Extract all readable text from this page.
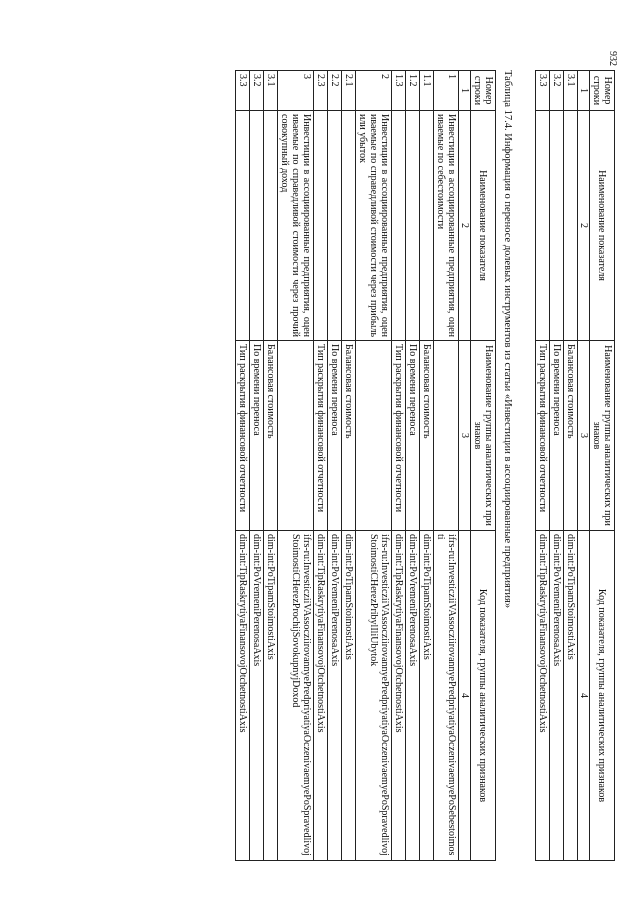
932
Номер строки	Наименование показателя	Наименование группы аналитических признаков	Код показателя, группы аналитических признаков
1	2	3	4
3.1		Балансовая стоимость	dim-int:PoTipamStoimostiAxis
3.2		По времени переноса	dim-int:PoVremeniPerenosaAxis
3.3		Тип раскрытия финансовой отчетности	dim-int:TipRaskrytiyaFinansovojOtchetnostiAxis
Таблица 17.4. Информация о переносе долевых инструментов из статьи «Инвестиции в ассоциированные предприятия»
Номер строки	Наименование показателя	Наименование группы аналитических признаков	Код показателя, группы аналитических признаков
1	2	3	4
1	Инвестиции в ассоциированные предприятия, оцениваемые по себестоимости		ifrs-ru:InvesticziiVAssocziirovannyePredpriyatiyaOczenivaemyePoSebestoimosti
1.1		Балансовая стоимость	dim-int:PoTipamStoimostiAxis
1.2		По времени переноса	dim-int:PoVremeniPerenosaAxis
1.3		Тип раскрытия финансовой отчетности	dim-int:TipRaskrytiyaFinansovojOtchetnostiAxis
2	Инвестиции в ассоциированные предприятия, оцениваемые по справедливой стоимости через прибыль или убыток		ifrs-ru:InvesticziiVAssocziirovannyePredpriyatiyaOczenivaemyePoSpravedlivojStoimostiCHerezPribylIliUbytok
2.1		Балансовая стоимость	dim-int:PoTipamStoimostiAxis
2.2		По времени переноса	dim-int:PoVremeniPerenosaAxis
2.3		Тип раскрытия финансовой отчетности	dim-int:TipRaskrytiyaFinansovojOtchetnostiAxis
3	Инвестиции в ассоциированные предприятия, оцениваемые по справедливой стоимости через прочий совокупный доход		ifrs-ru:InvesticziiVAssocziirovannyePredpriyatiyaOczenivaemyePoSpravedlivojStoimostiCHerezProchijSovokupnyjDoxod
3.1		Балансовая стоимость	dim-int:PoTipamStoimostiAxis
3.2		По времени переноса	dim-int:PoVremeniPerenosaAxis
3.3		Тип раскрытия финансовой отчетности	dim-int:TipRaskrytiyaFinansovojOtchetnostiAxis
